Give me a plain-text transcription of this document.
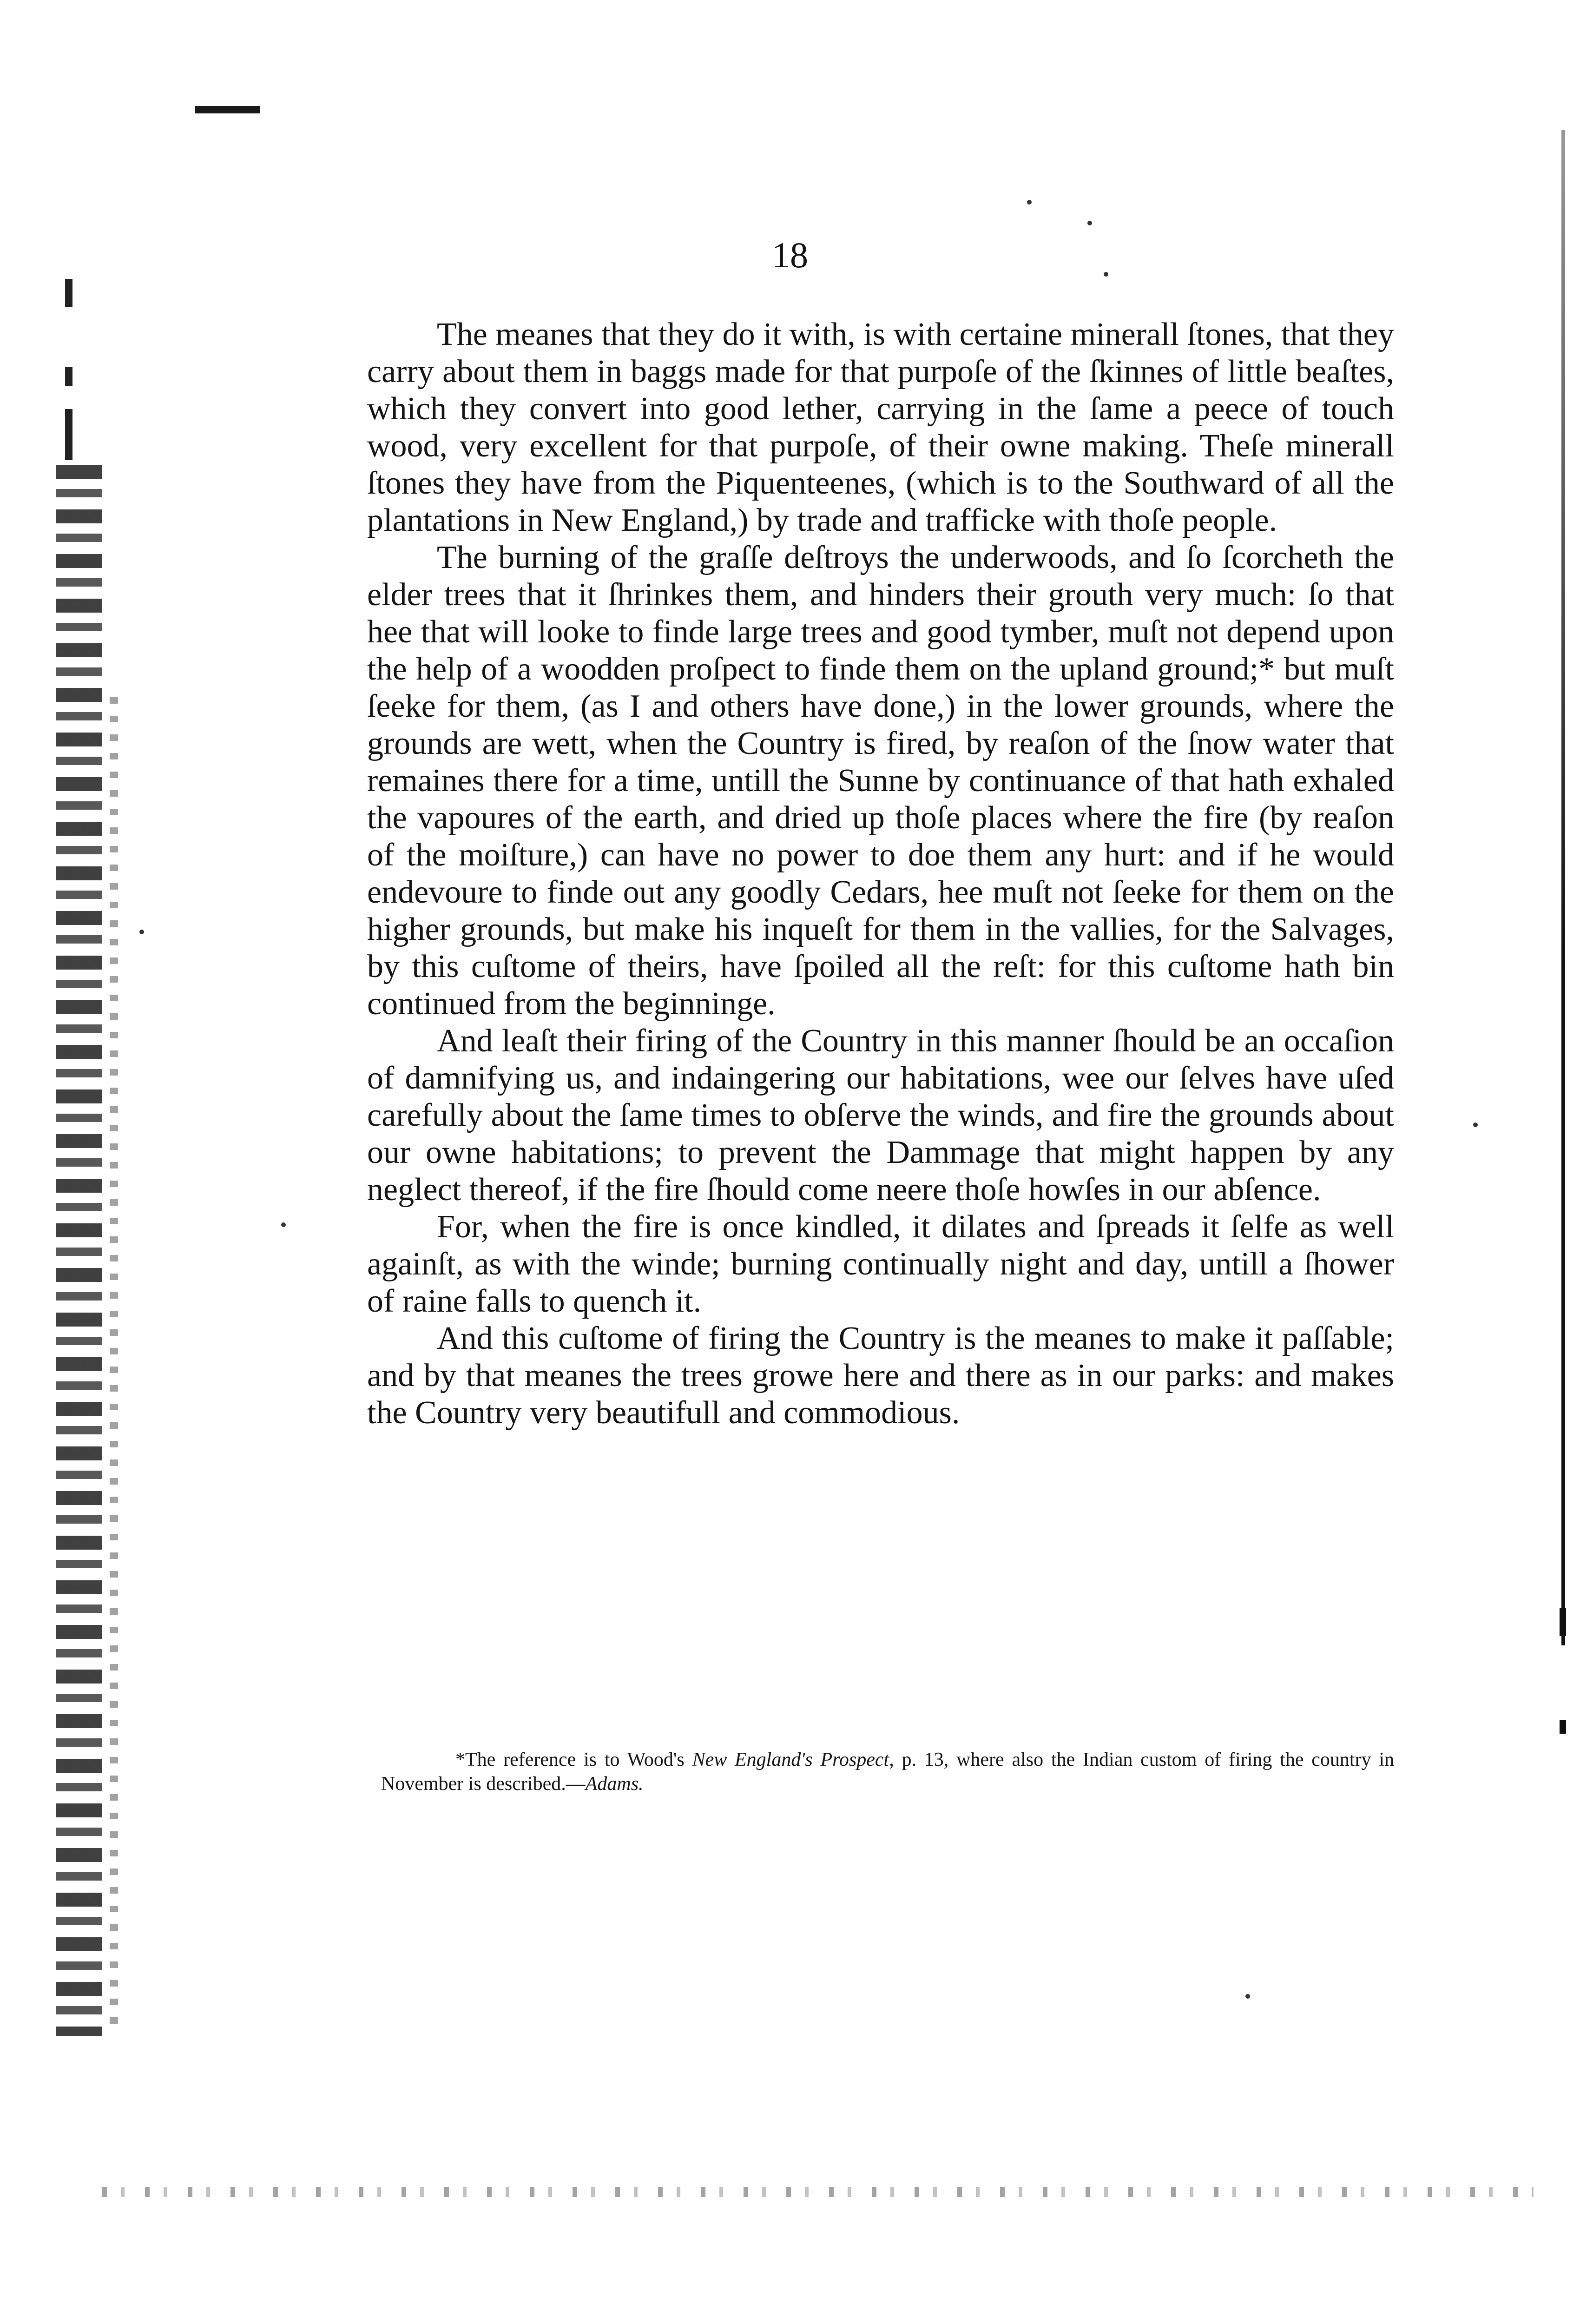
18

The meanes that they do it with, is with certaine minerall ſtones, that they carry about them in baggs made for that purpoſe of the ſkinnes of little beaſtes, which they convert into good lether, carrying in the ſame a peece of touch wood, very excellent for that purpoſe, of their owne making. Theſe minerall ſtones they have from the Piquenteenes, (which is to the Southward of all the plantations in New England,) by trade and trafficke with thoſe people.

The burning of the graſſe deſtroys the underwoods, and ſo ſcorcheth the elder trees that it ſhrinkes them, and hinders their grouth very much: ſo that hee that will looke to finde large trees and good tymber, muſt not depend upon the help of a woodden proſpect to finde them on the upland ground;* but muſt ſeeke for them, (as I and others have done,) in the lower grounds, where the grounds are wett, when the Country is fired, by reaſon of the ſnow water that remaines there for a time, untill the Sunne by continuance of that hath exhaled the vapoures of the earth, and dried up thoſe places where the fire (by reaſon of the moiſture,) can have no power to doe them any hurt: and if he would endevoure to finde out any goodly Cedars, hee muſt not ſeeke for them on the higher grounds, but make his inqueſt for them in the vallies, for the Salvages, by this cuſtome of theirs, have ſpoiled all the reſt: for this cuſtome hath bin continued from the beginninge.

And leaſt their firing of the Country in this manner ſhould be an occaſion of damnifying us, and indaingering our habitations, wee our ſelves have uſed carefully about the ſame times to obſerve the winds, and fire the grounds about our owne habitations; to prevent the Dammage that might happen by any neglect thereof, if the fire ſhould come neere thoſe howſes in our abſence.

For, when the fire is once kindled, it dilates and ſpreads it ſelfe as well againſt, as with the winde; burning continually night and day, untill a ſhower of raine falls to quench it.

And this cuſtome of firing the Country is the meanes to make it paſſable; and by that meanes the trees growe here and there as in our parks: and makes the Country very beautifull and commodious.

*The reference is to Wood's New England's Prospect, p. 13, where also the Indian custom of firing the country in November is described.—Adams.
